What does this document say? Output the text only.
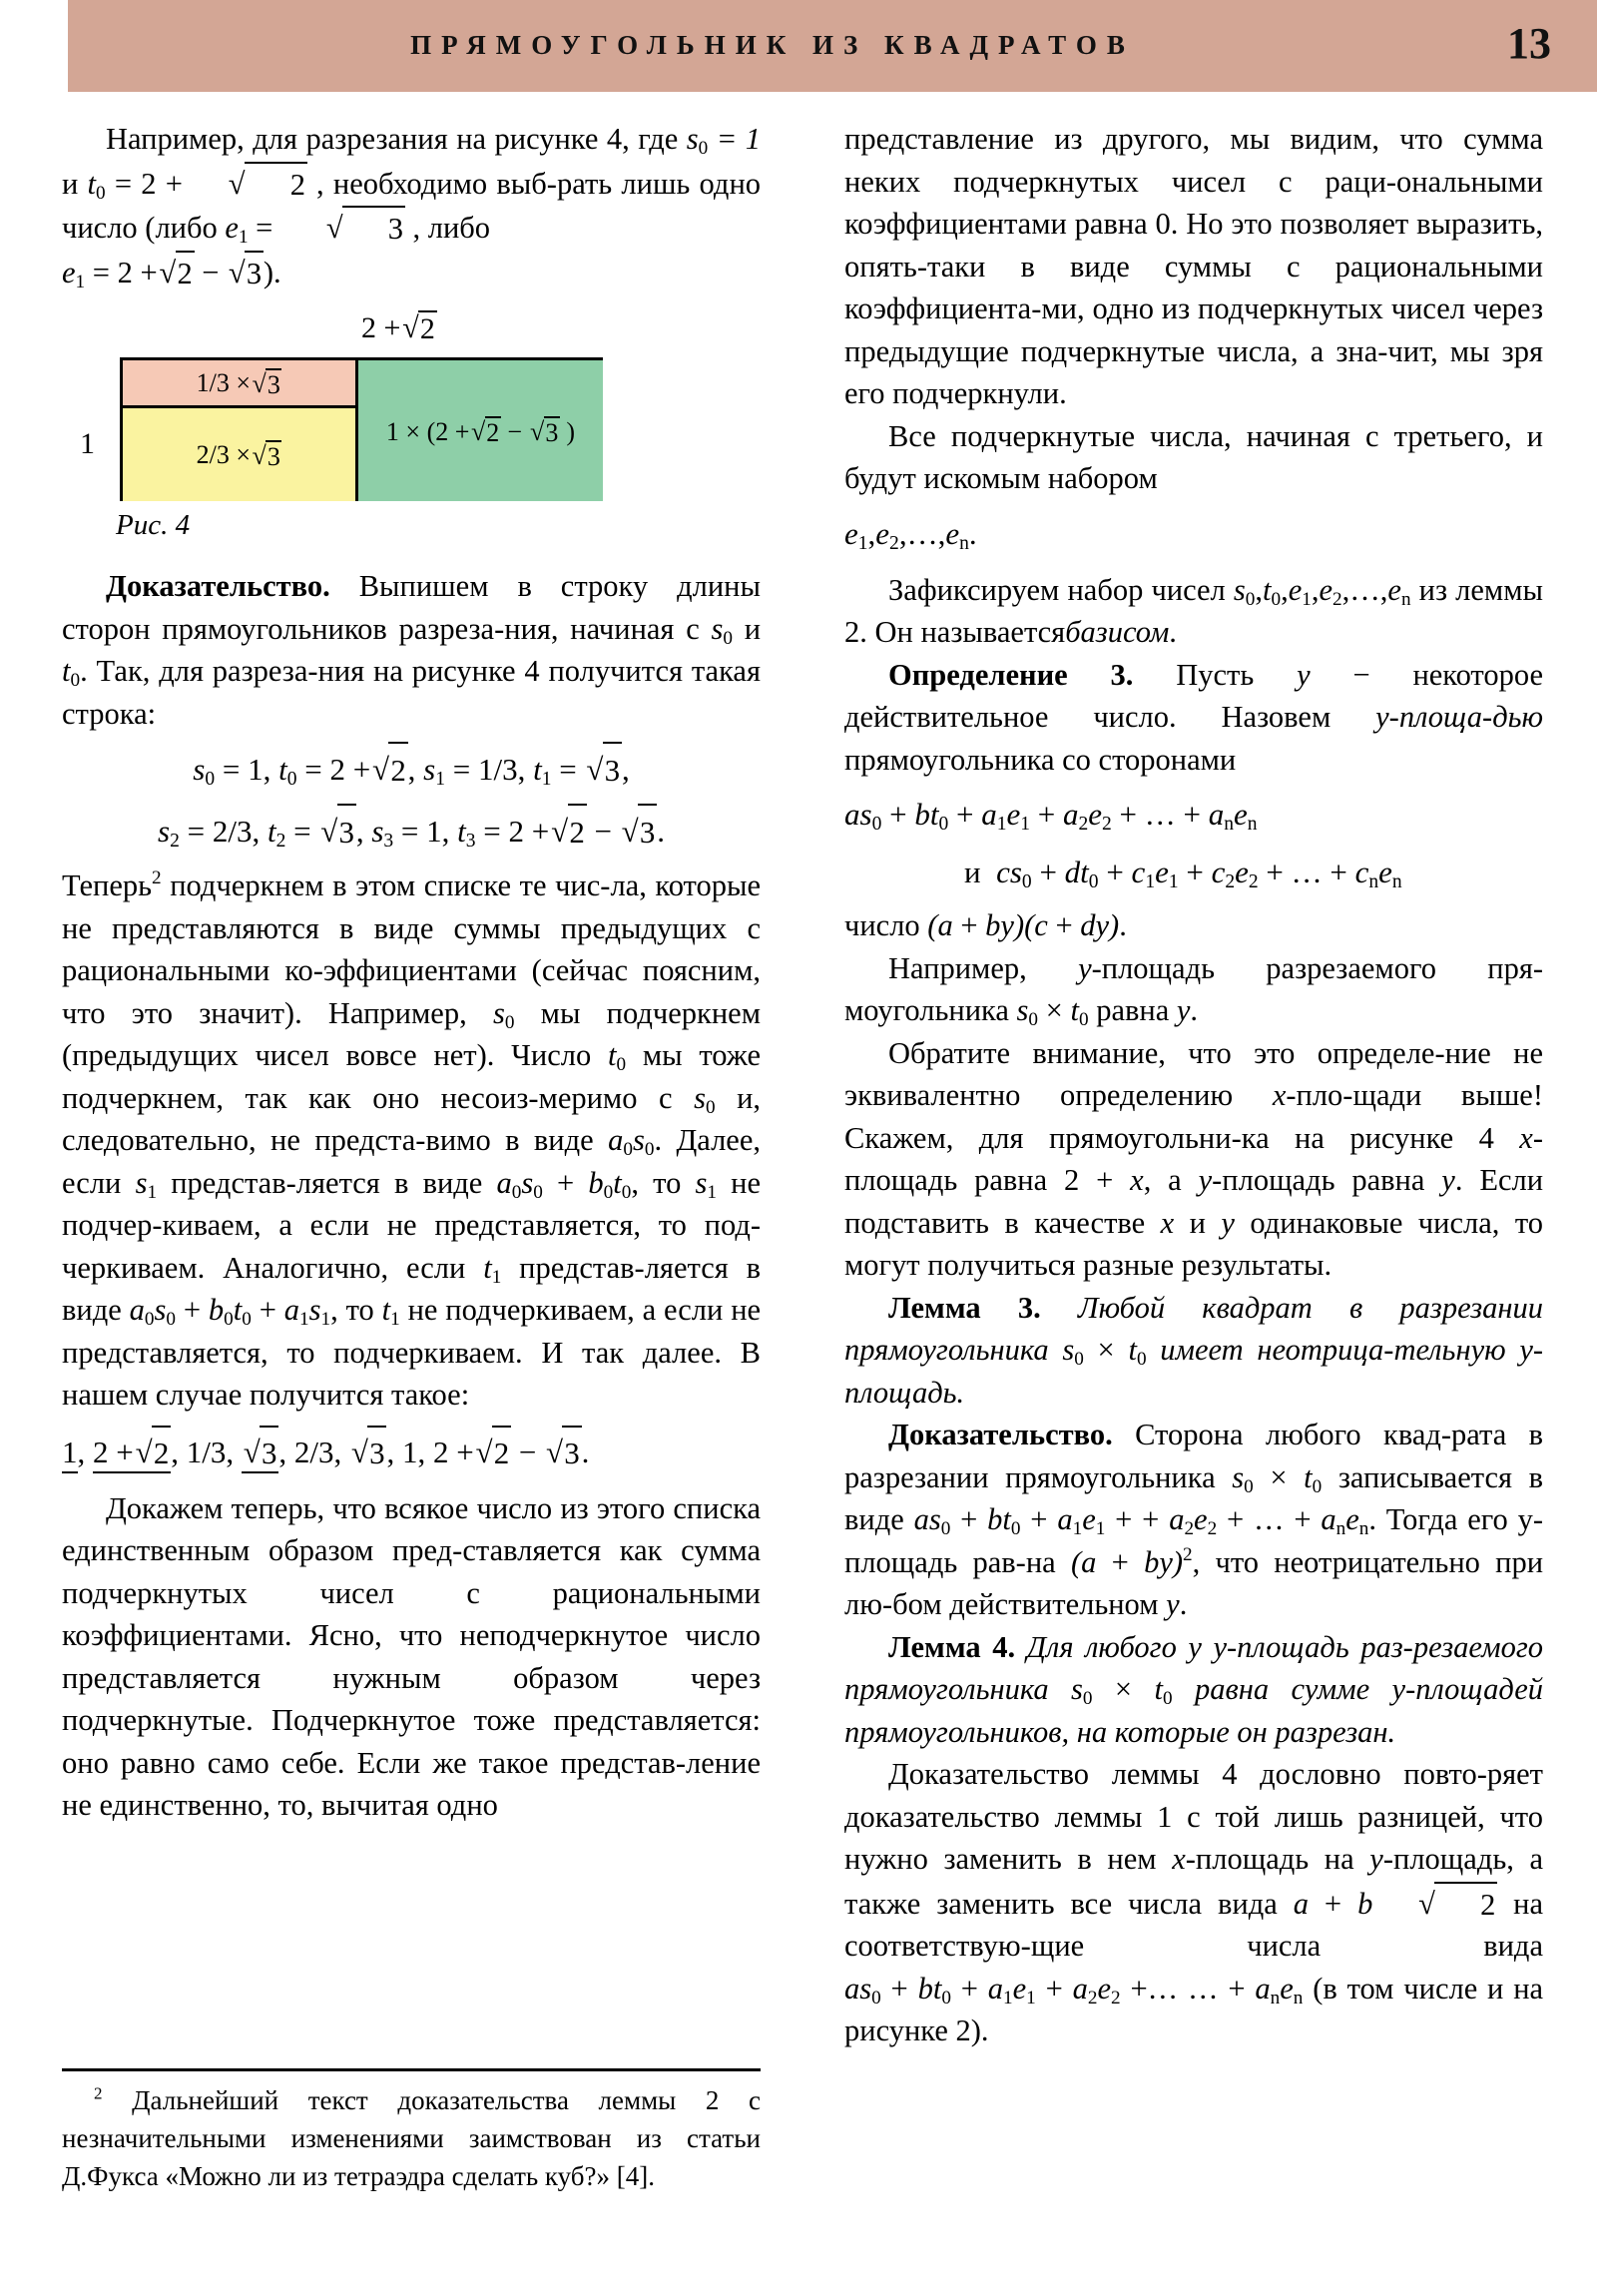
ПРЯМОУГОЛЬНИК ИЗ КВАДРАТОВ	13

Например, для разрезания на рисунке 4, где $s_0 = 1$ и $t_0 = 2$ + √ 2 , необходимо выб-рать лишь одно число (либо $e_1$ = √ 3 , либо

$e_1 = 2 +√2 - √3$).

2 +√2
1
1/3 × √3
2/3 × √3
1 × (2 +√2 − √3 )
Рис. 4

Доказательство. Выпишем в строку длины сторон прямоугольников разреза-ния, начиная с $s_0$ и $t_0$. Так, для разреза-ния на рисунке 4 получится такая строка:

$s_0 = 1$, $t_0 = 2 +√2$, $s_1 = 1/3$, $t_1 = √3$,
$s_2 = 2/3$, $t_2 = √3$, $s_3 = 1$, $t_3 = 2 +√2 - √3$.

Теперь$^2$ подчеркнем в этом списке те чис-ла, которые не представляются в виде суммы предыдущих с рациональными ко-эффициентами (сейчас поясним, что это значит). Например, $s_0$ мы подчеркнем (предыдущих чисел вовсе нет). Число $t_0$ мы тоже подчеркнем, так как оно несоиз-меримо с $s_0$ и, следовательно, не предста-вимо в виде $a_0s_0$. Далее, если $s_1$ представ-ляется в виде $a_0s_0 + b_0t_0$, то $s_1$ не подчер-киваем, а если не представляется, то под-черкиваем. Аналогично, если $t_1$ представ-ляется в виде $a_0s_0 + b_0t_0 + a_1s_1$, то $t_1$ не подчеркиваем, а если не представляется, то подчеркиваем. И так далее. В нашем случае получится такое:

1, 2 +√2, 1/3, √3, 2/3, √3, 1, 2 +√2 − √3.

Докажем теперь, что всякое число из этого списка единственным образом пред-ставляется как сумма подчеркнутых чисел с рациональными коэффициентами. Ясно, что неподчеркнутое число представляется нужным образом через подчеркнутые. Подчеркнутое тоже представляется: оно равно само себе. Если же такое представ-ление не единственно, то, вычитая одно

$^2$ Дальнейший текст доказательства леммы 2 с незначительными изменениями заимствован из статьи Д.Фукса «Можно ли из тетраэдра сделать куб?» [4].

представление из другого, мы видим, что сумма неких подчеркнутых чисел с раци-ональными коэффициентами равна 0. Но это позволяет выразить, опять-таки в виде суммы с рациональными коэффициента-ми, одно из подчеркнутых чисел через предыдущие подчеркнутые числа, а зна-чит, мы зря его подчеркнули.

Все подчеркнутые числа, начиная с третьего, и будут искомым набором

$e_1,e_2,\dots,e_n$.

Зафиксируем набор чисел $s_0,t_0,e_1,e_2,\dots,e_n$ из леммы 2. Он называетсябазисом.

Определение 3. Пусть y − некоторое действительное число. Назовем y-площа-дью прямоугольника со сторонами

$as_0 + bt_0 + a_1e_1 + a_2e_2$ + … + $a_ne_n$
и  $cs_0 + dt_0 + c_1e_1 + c_2e_2$ + … + $c_ne_n$

число (a + by)(c + dy).

Например, y-площадь разрезаемого пря-моугольника $s_0 \times t_0$ равна y.

Обратите внимание, что это определе-ние не эквивалентно определению x-пло-щади выше! Скажем, для прямоугольни-ка на рисунке 4 x-площадь равна 2 + x, а y-площадь равна y. Если подставить в качестве x и y одинаковые числа, то могут получиться разные результаты.

Лемма 3. Любой квадрат в разрезании прямоугольника $s_0 \times t_0$ имеет неотрица-тельную y-площадь.

Доказательство. Сторона любого квад-рата в разрезании прямоугольника $s_0 \times t_0$ записывается в виде $as_0 + bt_0 + a_1e_1$ + + $a_2e_2$ + … + $a_ne_n$. Тогда его y-площадь рав-на (a + by)$^2$, что неотрицательно при лю-бом действительном y.

Лемма 4. Для любого y y-площадь раз-резаемого прямоугольника $s_0 \times t_0$ равна сумме y-площадей прямоугольников, на которые он разрезан.

Доказательство леммы 4 дословно повто-ряет доказательство леммы 1 с той лишь разницей, что нужно заменить в нем x-площадь на y-площадь, а также заменить все числа вида a + b √ 2 на соответствую-щие числа вида $as_0 + bt_0 + a_1e_1 + a_2e_2$ +… … + $a_ne_n$ (в том числе и на рисунке 2).
